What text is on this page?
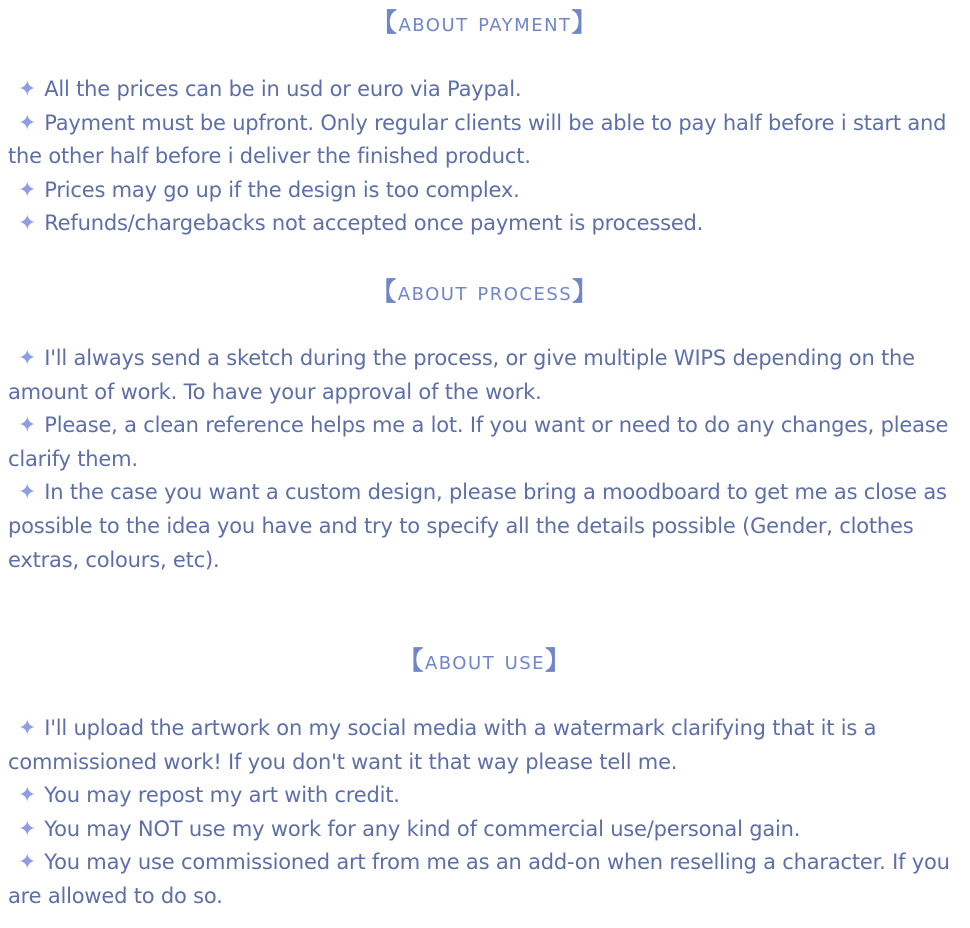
【about payment】
✦ All the prices can be in usd or euro via Paypal.
✦ Payment must be upfront. Only regular clients will be able to pay half before i start and the other half before i deliver the finished product.
✦ Prices may go up if the design is too complex.
✦ Refunds/chargebacks not accepted once payment is processed.
【about process】
✦ I'll always send a sketch during the process, or give multiple WIPS depending on the amount of work. To have your approval of the work.
✦ Please, a clean reference helps me a lot. If you want or need to do any changes, please clarify them.
✦ In the case you want a custom design, please bring a moodboard to get me as close as possible to the idea you have and try to specify all the details possible (Gender, clothes extras, colours, etc).
【about use】
✦ I'll upload the artwork on my social media with a watermark clarifying that it is a commissioned work! If you don't want it that way please tell me.
✦ You may repost my art with credit.
✦ You may NOT use my work for any kind of commercial use/personal gain.
✦ You may use commissioned art from me as an add-on when reselling a character. If you are allowed to do so.
